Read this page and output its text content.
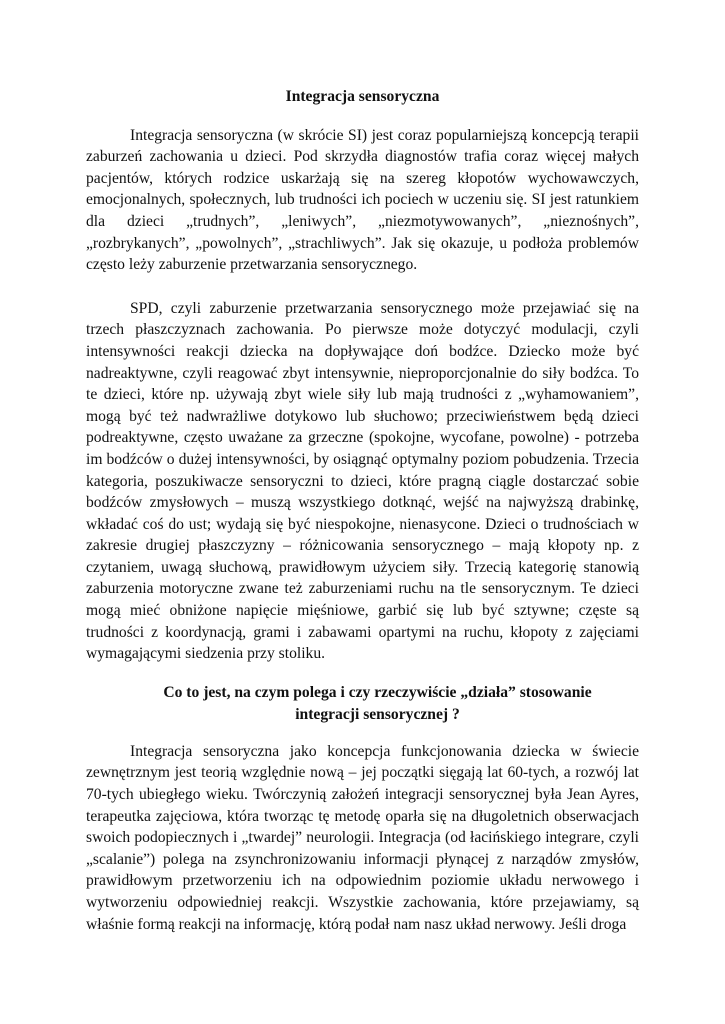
Integracja sensoryczna

Integracja sensoryczna (w skrócie SI) jest coraz popularniejszą koncepcją terapii zaburzeń zachowania u dzieci. Pod skrzydła diagnostów trafia coraz więcej małych pacjentów, których rodzice uskarżają się na szereg kłopotów wychowawczych, emocjonalnych, społecznych, lub trudności ich pociech w uczeniu się. SI jest ratunkiem dla dzieci „trudnych”, „leniwych”, „niezmotywowanych”, „nieznośnych”, „rozbrykanych”, „powolnych”, „strachliwych”. Jak się okazuje, u podłoża problemów często leży zaburzenie przetwarzania sensorycznego.

SPD, czyli zaburzenie przetwarzania sensorycznego może przejawiać się na trzech płaszczyznach zachowania. Po pierwsze może dotyczyć modulacji, czyli intensywności reakcji dziecka na dopływające doń bodźce. Dziecko może być nadreaktywne, czyli reagować zbyt intensywnie, nieproporcjonalnie do siły bodźca. To te dzieci, które np. używają zbyt wiele siły lub mają trudności z „wyhamowaniem”, mogą być też nadwrażliwe dotykowo lub słuchowo; przeciwieństwem będą dzieci podreaktywne, często uważane za grzeczne (spokojne, wycofane, powolne) - potrzeba im bodźców o dużej intensywności, by osiągnąć optymalny poziom pobudzenia. Trzecia kategoria, poszukiwacze sensoryczni to dzieci, które pragną ciągle dostarczać sobie bodźców zmysłowych – muszą wszystkiego dotknąć, wejść na najwyższą drabinkę, wkładać coś do ust; wydają się być niespokojne, nienasycone. Dzieci o trudnościach w zakresie drugiej płaszczyzny – różnicowania sensorycznego – mają kłopoty np. z czytaniem, uwagą słuchową, prawidłowym użyciem siły. Trzecią kategorię stanowią zaburzenia motoryczne zwane też zaburzeniami ruchu na tle sensorycznym. Te dzieci mogą mieć obniżone napięcie mięśniowe, garbić się lub być sztywne; częste są trudności z koordynacją, grami i zabawami opartymi na ruchu, kłopoty z zajęciami wymagającymi siedzenia przy stoliku.

Co to jest, na czym polega i czy rzeczywiście „działa” stosowanie integracji sensorycznej ?

Integracja sensoryczna jako koncepcja funkcjonowania dziecka w świecie zewnętrznym jest teorią względnie nową – jej początki sięgają lat 60-tych, a rozwój lat 70-tych ubiegłego wieku. Twórczynią założeń integracji sensorycznej była Jean Ayres, terapeutka zajęciowa, która tworząc tę metodę oparła się na długoletnich obserwacjach swoich podopiecznych i „twardej” neurologii. Integracja (od łacińskiego integrare, czyli „scalanie”) polega na zsynchronizowaniu informacji płynącej z narządów zmysłów, prawidłowym przetworzeniu ich na odpowiednim poziomie układu nerwowego i wytworzeniu odpowiedniej reakcji. Wszystkie zachowania, które przejawiamy, są właśnie formą reakcji na informację, którą podał nam nasz układ nerwowy. Jeśli droga
